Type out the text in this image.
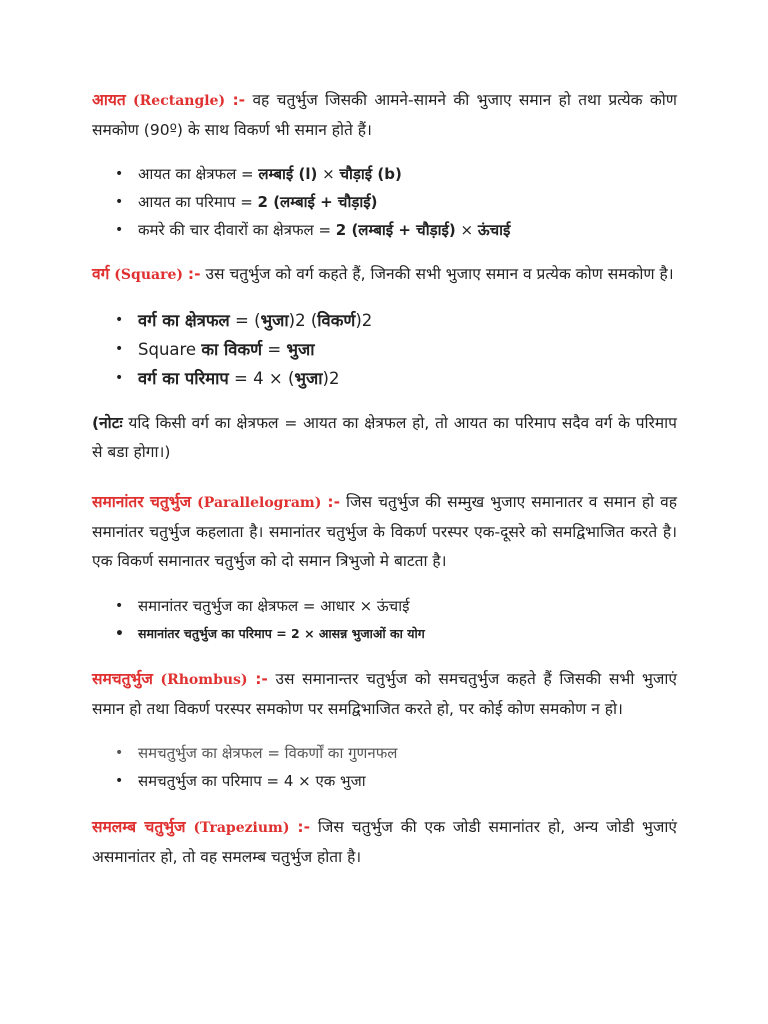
आयत (Rectangle) :- वह चतुर्भुज जिसकी आमने-सामने की भुजाए समान हो तथा प्रत्येक कोण समकोण (90º) के साथ विकर्ण भी समान होते हैं।

• आयत का क्षेत्रफल = लम्बाई (l) × चौड़ाई (b)
• आयत का परिमाप = 2 (लम्बाई + चौड़ाई)
• कमरे की चार दीवारों का क्षेत्रफल = 2 (लम्बाई + चौड़ाई) × ऊंचाई

वर्ग (Square) :- उस चतुर्भुज को वर्ग कहते हैं, जिनकी सभी भुजाए समान व प्रत्येक कोण समकोण है।

• वर्ग का क्षेत्रफल = (भुजा)2 (विकर्ण)2
• Square का विकर्ण = भुजा
• वर्ग का परिमाप = 4 × (भुजा)2

(नोटः यदि किसी वर्ग का क्षेत्रफल = आयत का क्षेत्रफल हो, तो आयत का परिमाप सदैव वर्ग के परिमाप से बडा होगा।)

समानांतर चतुर्भुज (Parallelogram) :- जिस चतुर्भुज की सम्मुख भुजाए समानातर व समान हो वह समानांतर चतुर्भुज कहलाता है। समानांतर चतुर्भुज के विकर्ण परस्पर एक-दूसरे को समद्विभाजित करते है। एक विकर्ण समानातर चतुर्भुज को दो समान त्रिभुजो मे बाटता है।

• समानांतर चतुर्भुज का क्षेत्रफल = आधार × ऊंचाई
• समानांतर चतुर्भुज का परिमाप = 2 × आसन्न भुजाओं का योग

समचतुर्भुज (Rhombus) :- उस समानान्तर चतुर्भुज को समचतुर्भुज कहते हैं जिसकी सभी भुजाएं समान हो तथा विकर्ण परस्पर समकोण पर समद्विभाजित करते हो, पर कोई कोण समकोण न हो।

• समचतुर्भुज का क्षेत्रफल = विकर्णों का गुणनफल
• समचतुर्भुज का परिमाप = 4 × एक भुजा

समलम्ब चतुर्भुज (Trapezium) :- जिस चतुर्भुज की एक जोडी समानांतर हो, अन्य जोडी भुजाएं असमानांतर हो, तो वह समलम्ब चतुर्भुज होता है।
